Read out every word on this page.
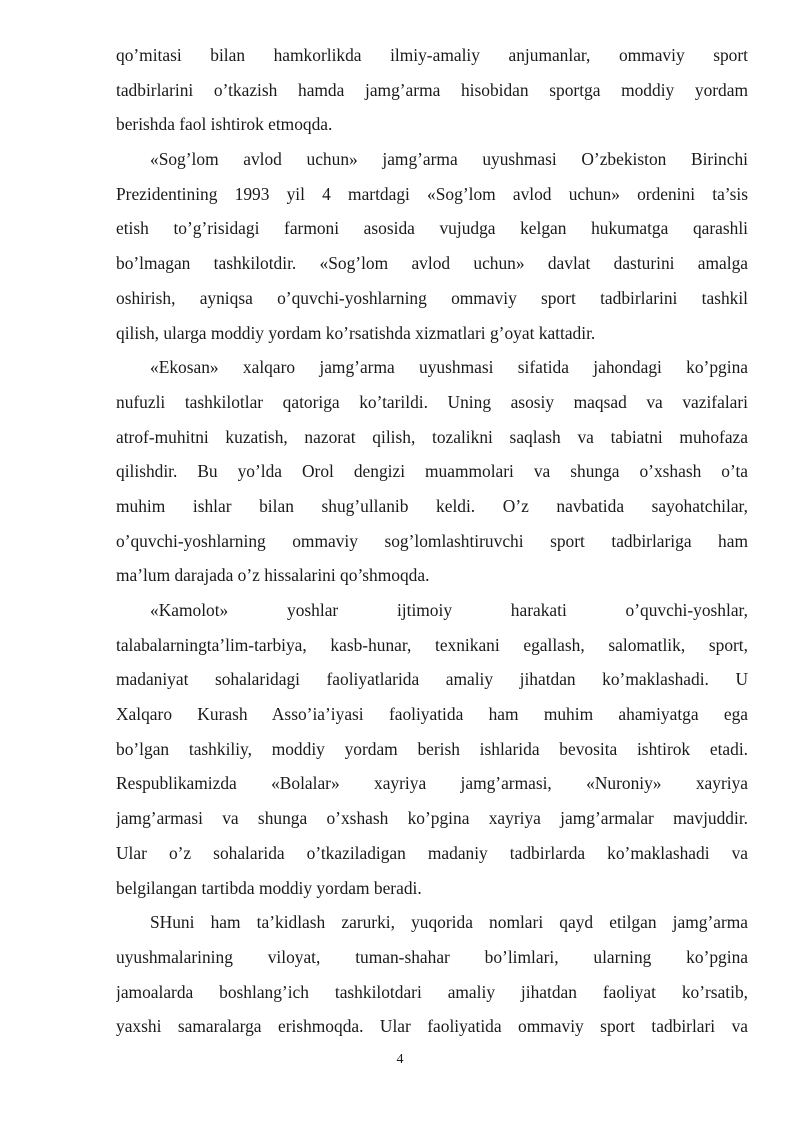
qo’mitasi bilan hamkorlikda ilmiy-amaliy anjumanlar, ommaviy sport
tadbirlarini o’tkazish hamda jamg’arma hisobidan sportga moddiy yordam
berishda faol ishtirok etmoqda.
«Sog’lom avlod uchun» jamg’arma uyushmasi O’zbekiston Birinchi
Prezidentining 1993 yil 4 martdagi «Sog’lom avlod uchun» ordenini ta’sis
etish to’g’risidagi farmoni asosida vujudga kelgan hukumatga qarashli
bo’lmagan tashkilotdir. «Sog’lom avlod uchun» davlat dasturini amalga
oshirish, ayniqsa o’quvchi-yoshlarning ommaviy sport tadbirlarini tashkil
qilish, ularga moddiy yordam ko’rsatishda xizmatlari g’oyat kattadir.
«Ekosan» xalqaro jamg’arma uyushmasi sifatida jahondagi ko’pgina
nufuzli tashkilotlar qatoriga ko’tarildi. Uning asosiy maqsad va vazifalari
atrof-muhitni kuzatish, nazorat qilish, tozalikni saqlash va tabiatni muhofaza
qilishdir. Bu yo’lda Orol dengizi muammolari va shunga o’xshash o’ta
muhim ishlar bilan shug’ullanib keldi. O’z navbatida sayohatchilar,
o’quvchi-yoshlarning ommaviy sog’lomlashtiruvchi sport tadbirlariga ham
ma’lum darajada o’z hissalarini qo’shmoqda.
«Kamolot» yoshlar ijtimoiy harakati o’quvchi-yoshlar,
talabalarningta’lim-tarbiya, kasb-hunar, texnikani egallash, salomatlik, sport,
madaniyat sohalaridagi faoliyatlarida amaliy jihatdan ko’maklashadi. U
Xalqaro Kurash Asso’ia’iyasi faoliyatida ham muhim ahamiyatga ega
bo’lgan tashkiliy, moddiy yordam berish ishlarida bevosita ishtirok etadi.
Respublikamizda «Bolalar» xayriya jamg’armasi, «Nuroniy» xayriya
jamg’armasi va shunga o’xshash ko’pgina xayriya jamg’armalar mavjuddir.
Ular o’z sohalarida o’tkaziladigan madaniy tadbirlarda ko’maklashadi va
belgilangan tartibda moddiy yordam beradi.
SHuni ham ta’kidlash zarurki, yuqorida nomlari qayd etilgan jamg’arma
uyushmalarining viloyat, tuman-shahar bo’limlari, ularning ko’pgina
jamoalarda boshlang’ich tashkilotdari amaliy jihatdan faoliyat ko’rsatib,
yaxshi samaralarga erishmoqda. Ular faoliyatida ommaviy sport tadbirlari va
4
